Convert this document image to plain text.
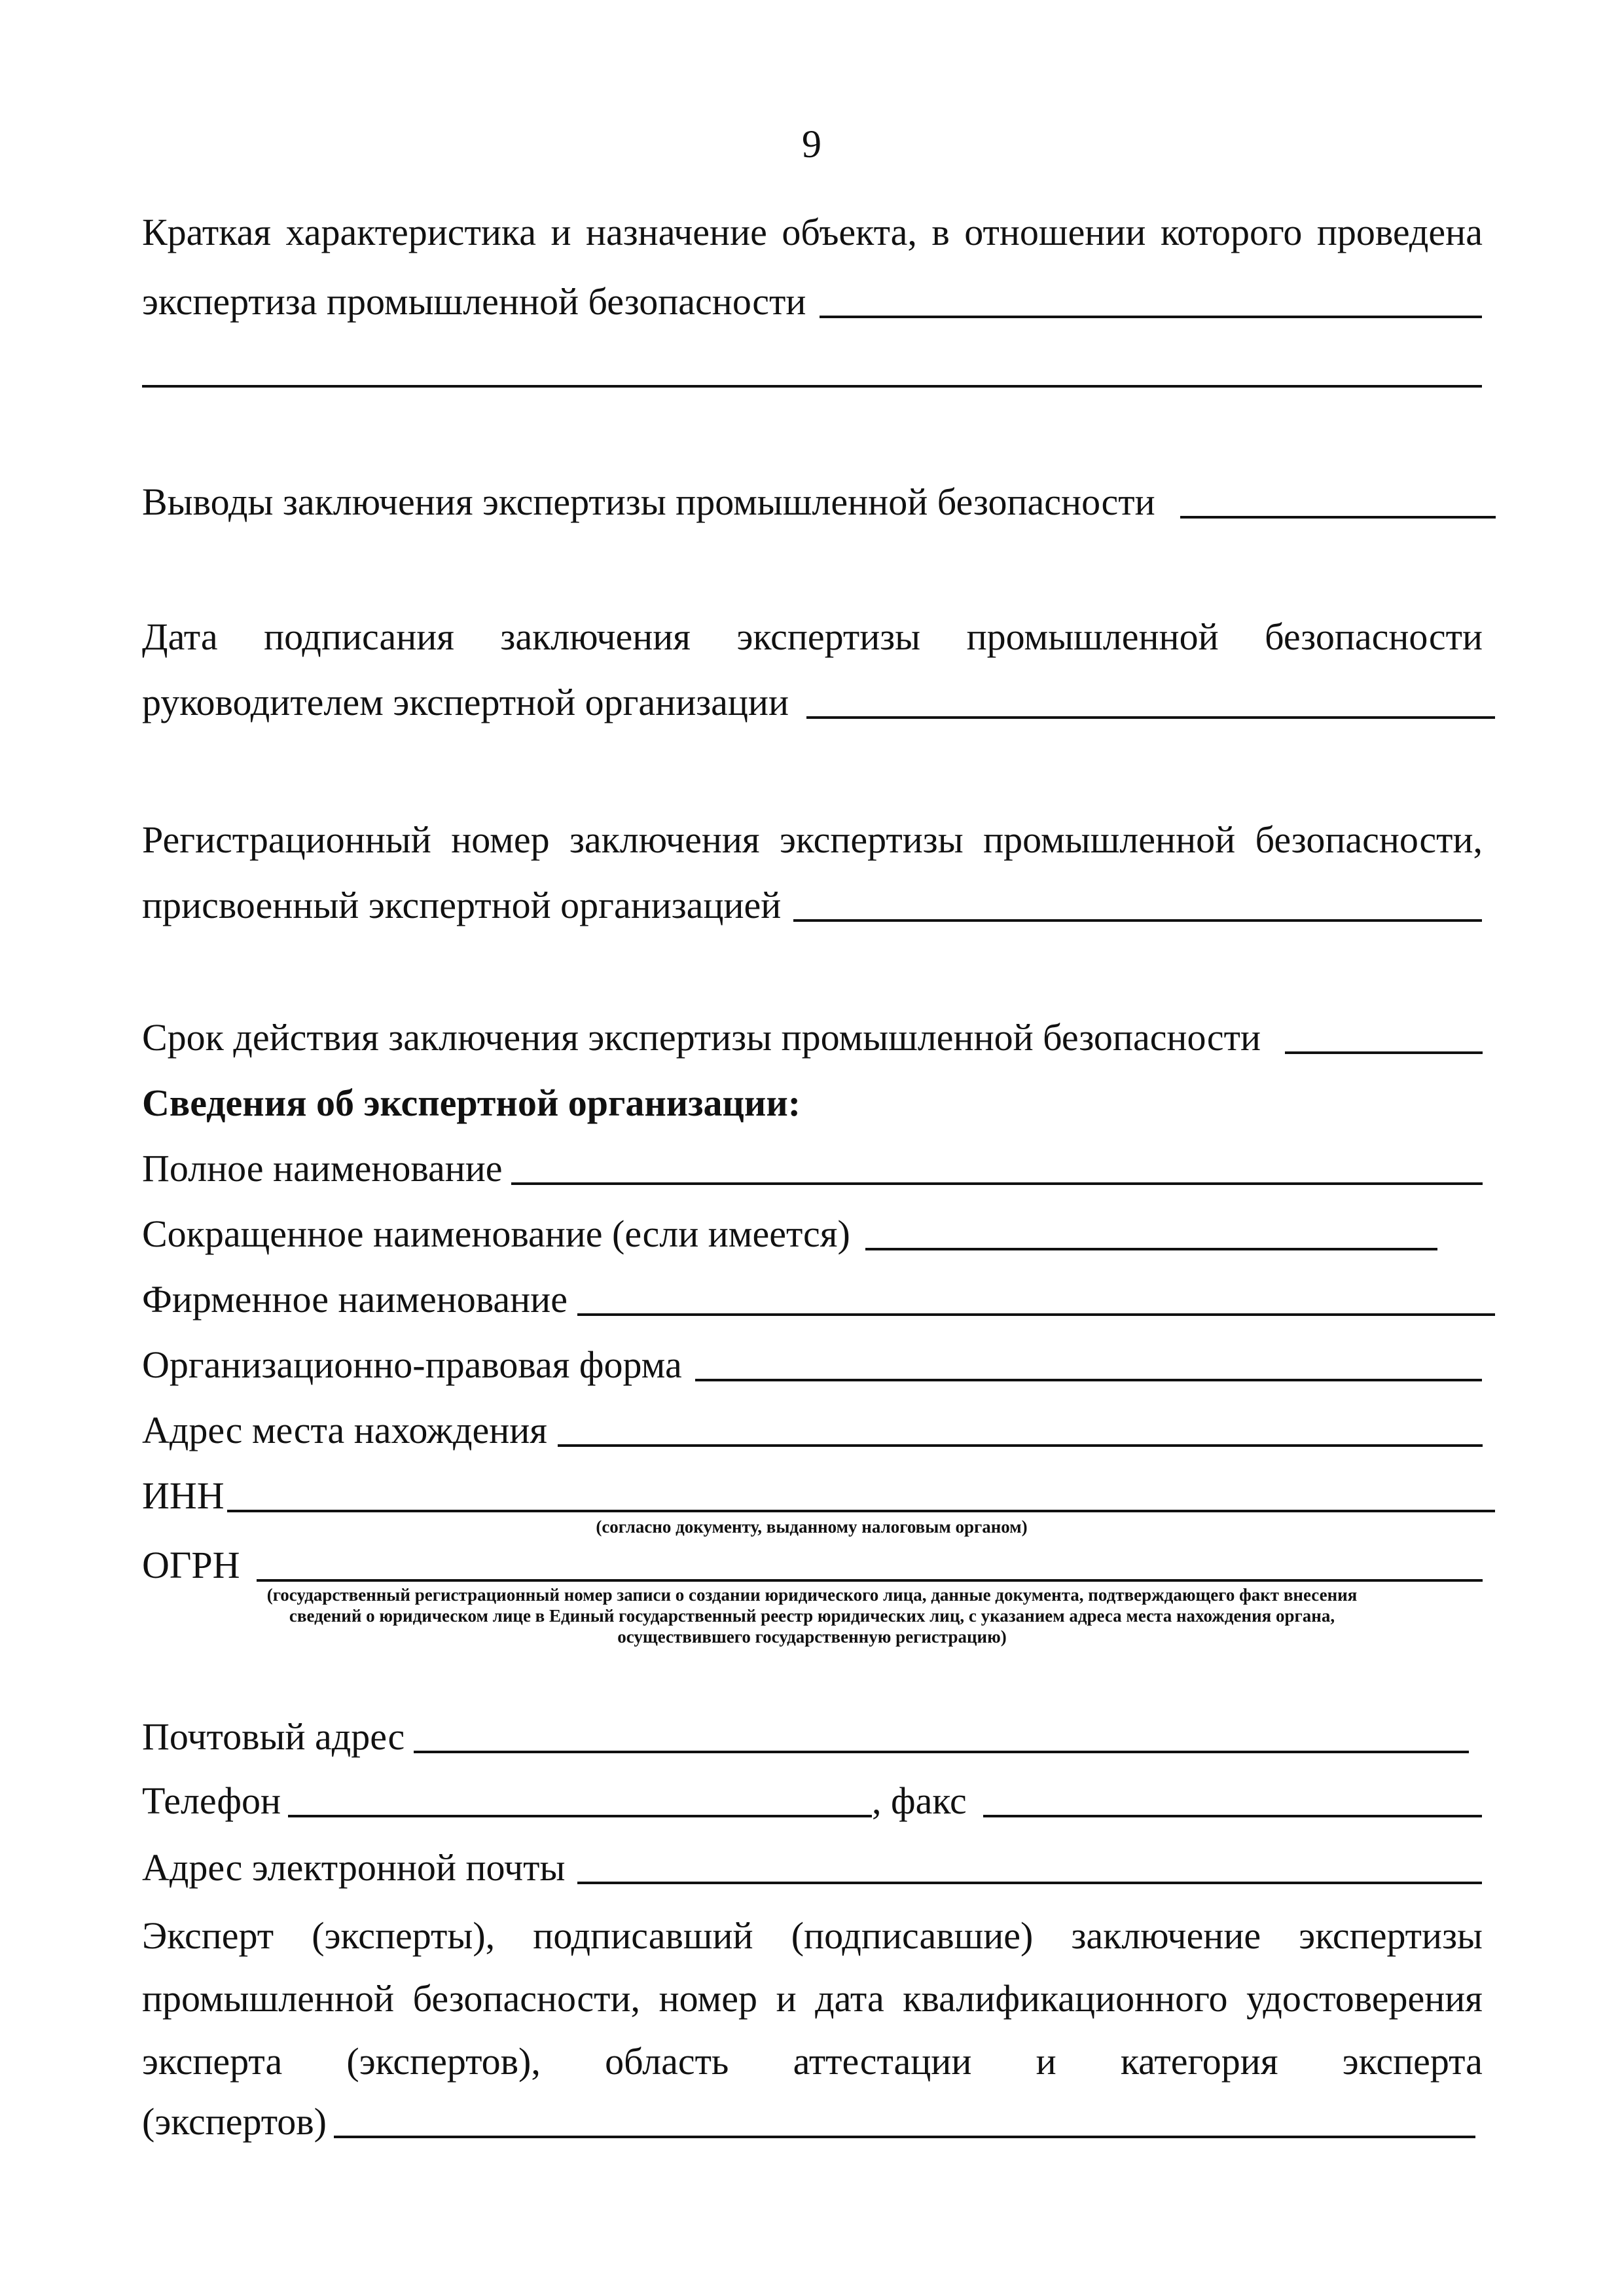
9
Краткая характеристика и назначение объекта, в отношении которого проведена
экспертиза промышленной безопасности
Выводы заключения экспертизы промышленной безопасности
Дата подписания заключения экспертизы промышленной безопасности
руководителем экспертной организации
Регистрационный номер заключения экспертизы промышленной безопасности,
присвоенный экспертной организацией
Срок действия заключения экспертизы промышленной безопасности
Сведения об экспертной организации:
Полное наименование
Сокращенное наименование (если имеется)
Фирменное наименование
Организационно-правовая форма
Адрес места нахождения
ИНН
(согласно документу, выданному налоговым органом)
ОГРН
(государственный регистрационный номер записи о создании юридического лица, данные документа, подтверждающего факт внесения
сведений о юридическом лице в Единый государственный реестр юридических лиц, с указанием адреса места нахождения органа,
осуществившего государственную регистрацию)
Почтовый адрес
Телефон	, факс
Адрес электронной почты
Эксперт (эксперты), подписавший (подписавшие) заключение экспертизы
промышленной безопасности, номер и дата квалификационного удостоверения
эксперта (экспертов), область аттестации и категория эксперта
(экспертов)
